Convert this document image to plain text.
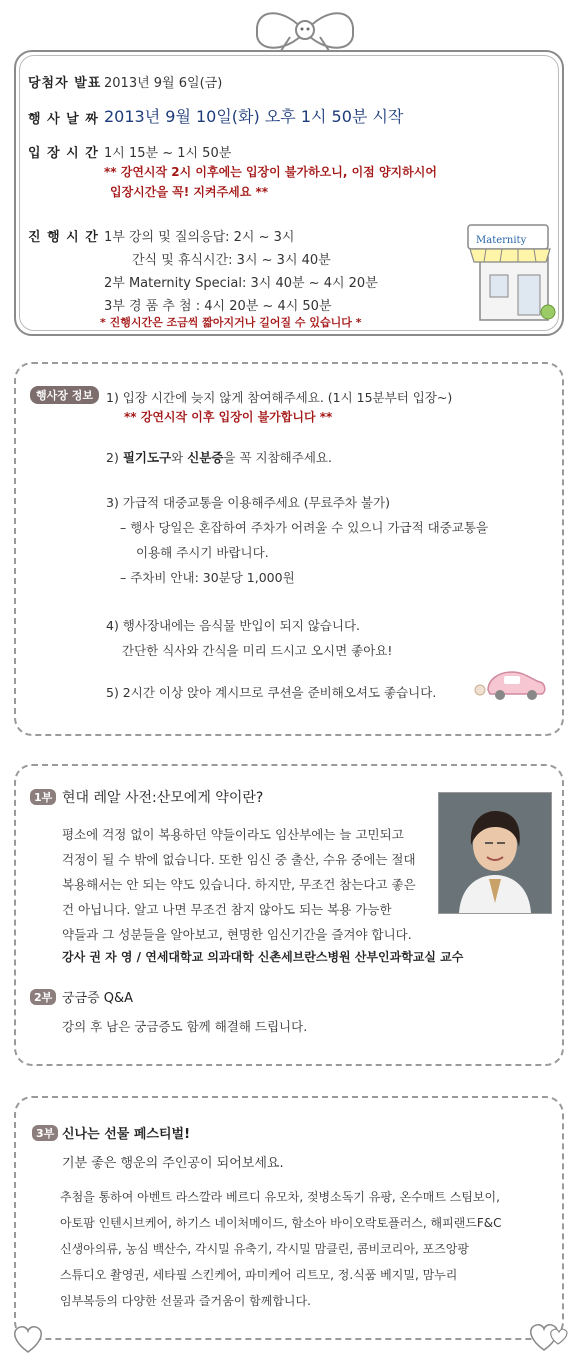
당첨자 발표 2013년 9월 6일(금)
행 사 날 짜 2013년 9월 10일(화) 오후 1시 50분 시작
입 장 시 간 1시 15분 ~ 1시 50분
** 강연시작 2시 이후에는 입장이 불가하오니, 이점 양지하시어
입장시간을 꼭! 지켜주세요 **
진 행 시 간 1부 강의 및 질의응답: 2시 ~ 3시
간식 및 휴식시간: 3시 ~ 3시 40분
2부 Maternity Special: 3시 40분 ~ 4시 20분
3부 경 품 추 첨 : 4시 20분 ~ 4시 50분
* 진행시간은 조금씩 짧아지거나 길어질 수 있습니다 *
Maternity
행사장 정보	1) 입장 시간에 늦지 않게 참여해주세요. (1시 15분부터 입장~)
** 강연시작 이후 입장이 불가합니다 **
2) 필기도구와 신분증을 꼭 지참해주세요.
3) 가급적 대중교통을 이용해주세요 (무료주차 불가)
– 행사 당일은 혼잡하여 주차가 어려울 수 있으니 가급적 대중교통을
이용해 주시기 바랍니다.
– 주차비 안내: 30분당 1,000원
4) 행사장내에는 음식물 반입이 되지 않습니다.
간단한 식사와 간식을 미리 드시고 오시면 좋아요!
5) 2시간 이상 앉아 계시므로 쿠션을 준비해오셔도 좋습니다.
1부 현대 레알 사전:산모에게 약이란?
평소에 걱정 없이 복용하던 약들이라도 임산부에는 늘 고민되고
걱정이 될 수 밖에 없습니다. 또한 임신 중 출산, 수유 중에는 절대
복용해서는 안 되는 약도 있습니다. 하지만, 무조건 참는다고 좋은
건 아닙니다. 알고 나면 무조건 참지 않아도 되는 복용 가능한
약들과 그 성분들을 알아보고, 현명한 임신기간을 즐겨야 합니다.
강사 권 자 영 / 연세대학교 의과대학 신촌세브란스병원 산부인과학교실 교수
2부 궁금증 Q&A
강의 후 남은 궁금증도 함께 해결해 드립니다.
3부 신나는 선물 페스티벌!
기분 좋은 행운의 주인공이 되어보세요.
추첨을 통하여 아벤트 라스깔라 베르디 유모차, 젖병소독기 유팡, 온수매트 스팀보이,
아토팜 인텐시브케어, 하기스 네이처메이드, 함소아 바이오락토플러스, 해피랜드F&C
신생아의류, 농심 백산수, 각시밀 유축기, 각시밀 맘클린, 콤비코리아, 포즈앙팡
스튜디오 촬영권, 세타필 스킨케어, 파미케어 리트모, 정.식품 베지밀, 맘누리
임부복등의 다양한 선물과 즐거움이 함께합니다.
